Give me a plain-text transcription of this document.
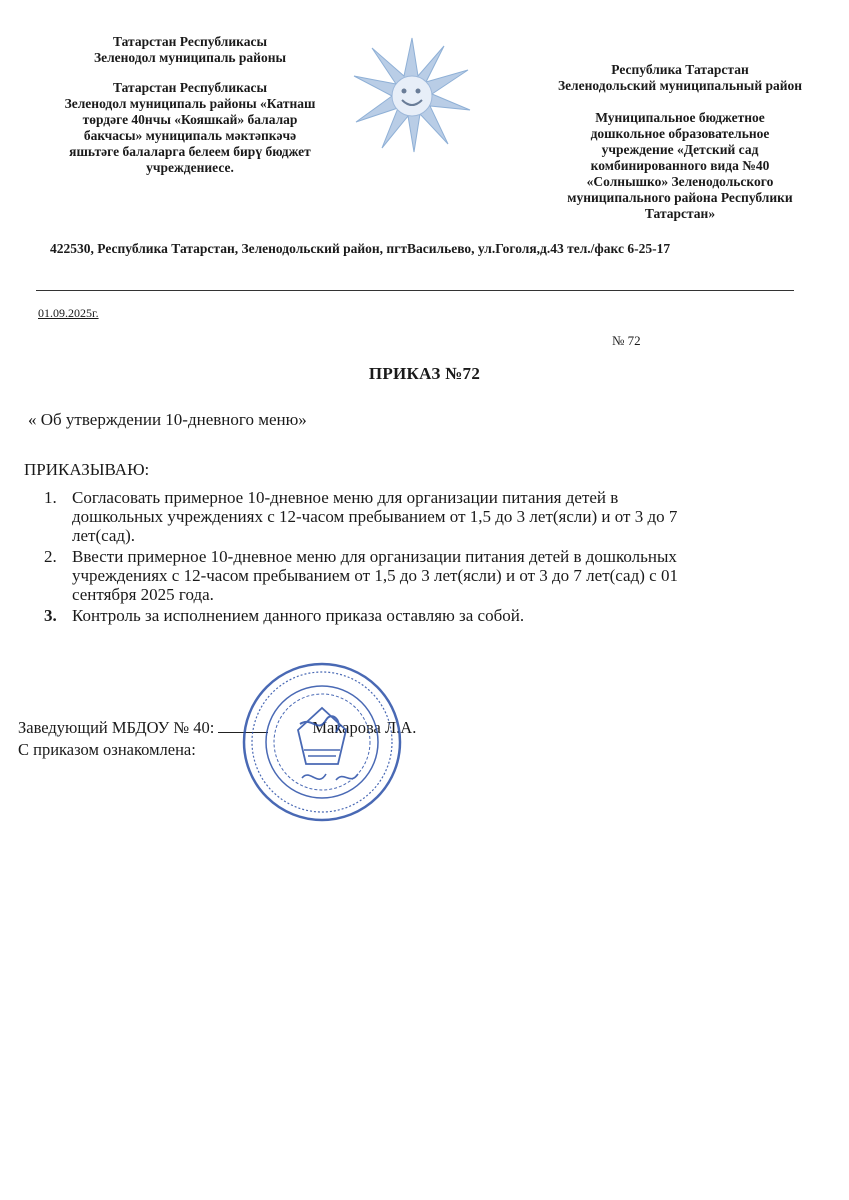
Татарстан Республикасы
Зеленодол муниципаль районы
Татарстан Республикасы
Зеленодол муниципаль районы «Катнаш
төрдәге 40нчы «Кояшкай» балалар
бакчасы» муниципаль мәктәпкәчә
яшьтәге балаларга белеем бирү бюджет
учреждениесе.
Республика Татарстан
Зеленодольский муниципальный район
Муниципальное бюджетное
дошкольное образовательное
учреждение «Детский сад
комбинированного вида №40
«Солнышко» Зеленодольского
муниципального района Республики
Татарстан»
422530, Республика Татарстан, Зеленодольский район, пгтВасильево, ул.Гоголя,д.43 тел./факс 6-25-17
01.09.2025г.
№ 72
ПРИКАЗ №72
« Об утверждении 10-дневного меню»
ПРИКАЗЫВАЮ:
1. Согласовать примерное 10-дневное меню для организации питания детей в
дошкольных учреждениях с 12-часом пребыванием от 1,5 до 3 лет(ясли) и от 3 до 7
лет(сад).
2. Ввести примерное 10-дневное меню для организации питания детей в дошкольных
учреждениях с 12-часом пребыванием от 1,5 до 3 лет(ясли) и от 3 до 7 лет(сад) с 01
сентября 2025 года.
3. Контроль за исполнением данного приказа оставляю за собой.
Заведующий МБДОУ № 40:	Макарова Л.А.
С приказом ознакомлена:
